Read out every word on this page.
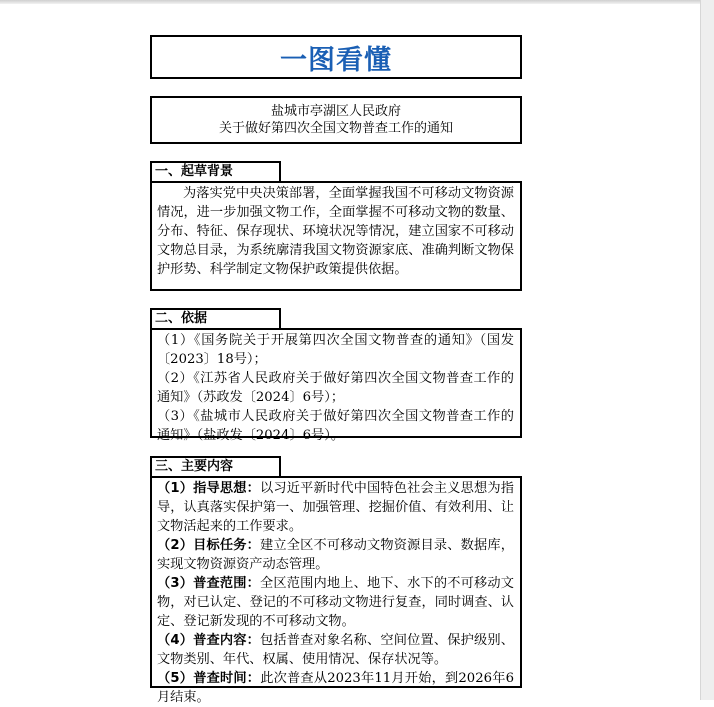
一图看懂
盐城市亭湖区人民政府
关于做好第四次全国文物普查工作的通知
一、起草背景
为落实党中央决策部署，全面掌握我国不可移动文物资源情况，进一步加强文物工作，全面掌握不可移动文物的数量、分布、特征、保存现状、环境状况等情况，建立国家不可移动文物总目录，为系统廓清我国文物资源家底、准确判断文物保护形势、科学制定文物保护政策提供依据。
二、依据
（1）《国务院关于开展第四次全国文物普查的通知》（国发〔2023〕18号）；
（2）《江苏省人民政府关于做好第四次全国文物普查工作的通知》（苏政发〔2024〕6号）；
（3）《盐城市人民政府关于做好第四次全国文物普查工作的通知》（盐政发〔2024〕6号）。
三、主要内容
（1）指导思想：以习近平新时代中国特色社会主义思想为指导，认真落实保护第一、加强管理、挖掘价值、有效利用、让文物活起来的工作要求。
（2）目标任务：建立全区不可移动文物资源目录、数据库，实现文物资源资产动态管理。
（3）普查范围：全区范围内地上、地下、水下的不可移动文物，对已认定、登记的不可移动文物进行复查，同时调查、认定、登记新发现的不可移动文物。
（4）普查内容：包括普查对象名称、空间位置、保护级别、文物类别、年代、权属、使用情况、保存状况等。
（5）普查时间：此次普查从2023年11月开始，到2026年6月结束。
